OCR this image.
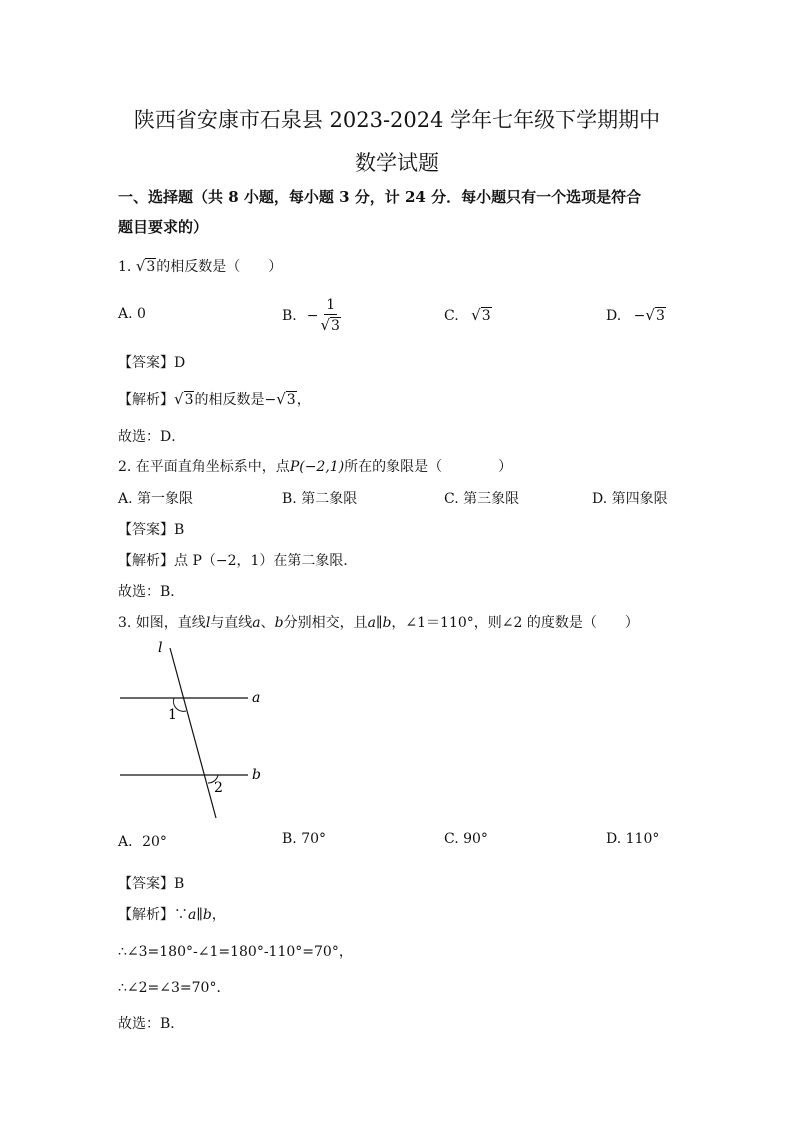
陕西省安康市石泉县 2023-2024 学年七年级下学期期中
数学试题
一、选择题（共 8 小题，每小题 3 分，计 24 分．每小题只有一个选项是符合
题目要求的）
1. √3的相反数是（　　）
A. 0	B. − $\frac{1}{√3}$	C. √3	D. −√3
【答案】D
【解析】√3的相反数是−√3，
故选：D．
2. 在平面直角坐标系中，点P(−2,1)所在的象限是（　　　　）
A. 第一象限	B. 第二象限	C. 第三象限	D. 第四象限
【答案】B
【解析】点 P（−2，1）在第二象限．
故选：B．
3. 如图，直线l与直线a、b分别相交，且a∥b，∠1＝110°，则∠2 的度数是（　　）
l
a
b
1
2
A．20°	B. 70°	C. 90°	D. 110°
【答案】B
【解析】∵a∥b，
∴∠3=180°-∠1=180°-110°=70°，
∴∠2=∠3=70°．
故选：B．
